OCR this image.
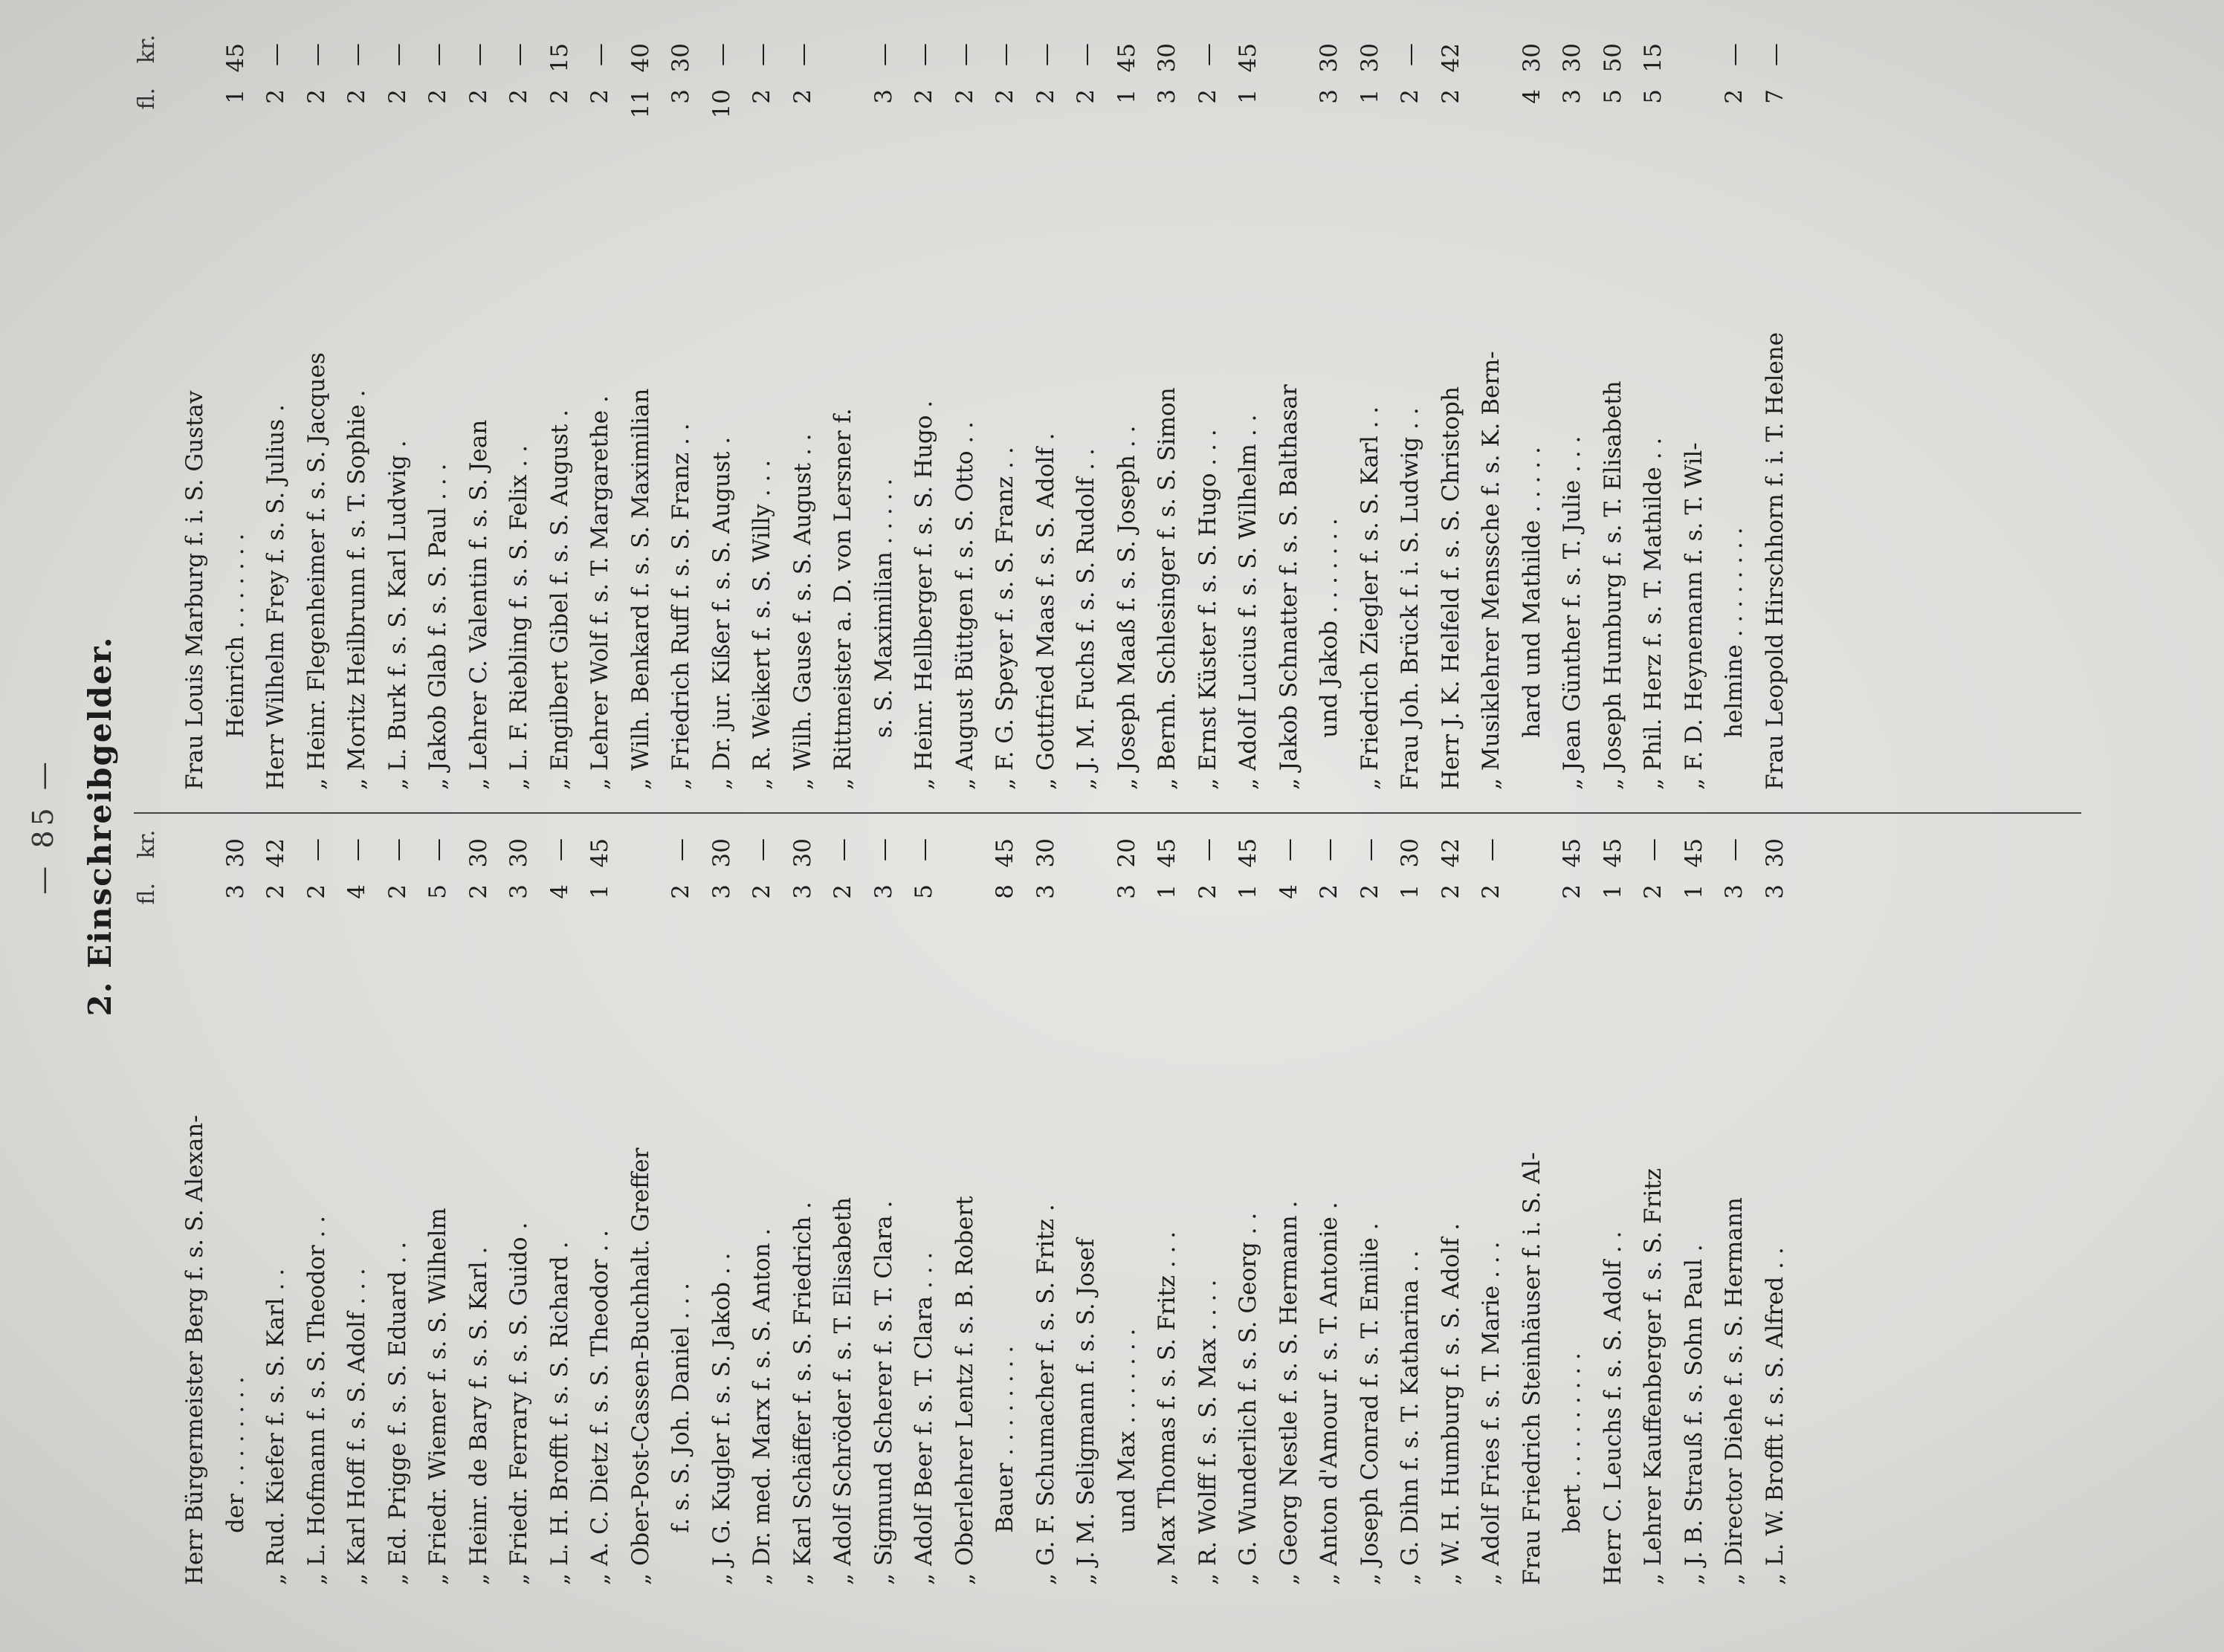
— 85 — 2. Einschreibgelder. fl. kr.
fl. kr.
Herr Bürgermeister Berg f. s. S. Alexan- der . . . . . . . .
3
30
„ Rud. Kiefer f. s. S. Karl . .
2
42
„ L. Hofmann f. s. S. Theodor . .
2
—
„ Karl Hoff f. s. S. Adolf . . .
4
—
„ Ed. Prigge f. s. S. Eduard . .
2
—
„ Friedr. Wiemer f. s. S. Wilhelm
5
—
„ Heinr. de Bary f. s. S. Karl .
2
30
„ Friedr. Ferrary f. s. S. Guido .
3
30
„ L. H. Brofft f. s. S. Richard .
4
—
„ A. C. Dietz f. s. S. Theodor . .
1
45
„ Ober-Post-Cassen-Buchhalt. Greffer f. s. S. Joh. Daniel . . .
2
—
„ J. G. Kugler f. s. S. Jakob . .
3
30
„ Dr. med. Marx f. s. S. Anton .
2
—
„ Karl Schäffer f. s. S. Friedrich .
3
30
„ Adolf Schröder f. s. T. Elisabeth
2
—
„ Sigmund Scherer f. s. T. Clara .
3
—
„ Adolf Beer f. s. T. Clara . . .
5
—
„ Oberlehrer Lentz f. s. B. Robert Bauer . . . . . . . .
8
45
„ G. F. Schumacher f. s. S. Fritz .
3
30
„ J. M. Seligmann f. s. S. Josef und Max . . . . . . .
3
20
„ Max Thomas f. s. S. Fritz . . .
1
45
„ R. Wolff f. s. S. Max . . . .
2
—
„ G. Wunderlich f. s. S. Georg . .
1
45
„ Georg Nestle f. s. S. Hermann .
4
—
„ Anton d'Amour f. s. T. Antonie .
2
—
„ Joseph Conrad f. s. T. Emilie .
2
—
„ G. Dihn f. s. T. Katharina . .
1
30
„ W. H. Humburg f. s. S. Adolf .
2
42
„ Adolf Fries f. s. T. Marie . . .
2
—
Frau Friedrich Steinhäuser f. i. S. Al- bert . . . . . . . . .
2
45
Herr C. Leuchs f. s. S. Adolf . .
1
45
„ Lehrer Kauffenberger f. s. S. Fritz
2
—
„ J. B. Strauß f. s. Sohn Paul .
1
45
„ Director Diehe f. s. S. Hermann
3
—
„ L. W. Brofft f. s. S. Alfred . .
3
30
Frau Louis Marburg f. i. S. Gustav Heinrich . . . . . . .
1
45
Herr Wilhelm Frey f. s. S. Julius .
2
—
„ Heinr. Flegenheimer f. s. S. Jacques
2
—
„ Moritz Heilbrunn f. s. T. Sophie .
2
—
„ L. Burk f. s. S. Karl Ludwig .
2
—
„ Jakob Glab f. s. S. Paul . . .
2
—
„ Lehrer C. Valentin f. s. S. Jean
2
—
„ L. F. Riebling f. s. S. Felix . .
2
—
„ Engilbert Gibel f. s. S. August .
2
15
„ Lehrer Wolf f. s. T. Margarethe .
2
—
„ Wilh. Benkard f. s. S. Maximilian
11
40
„ Friedrich Ruff f. s. S. Franz . .
3
30
„ Dr. jur. Kißer f. s. S. August .
10
—
„ R. Weikert f. s. S. Willy . . .
2
—
„ Wilh. Gause f. s. S. August . .
2
—
„ Rittmeister a. D. von Lersner f. s. S. Maximilian . . . . .
3
—
„ Heinr. Hellberger f. s. S. Hugo .
2
—
„ August Büttgen f. s. S. Otto . .
2
—
„ F. G. Speyer f. s. S. Franz . .
2
—
„ Gottfried Maas f. s. S. Adolf .
2
—
„ J. M. Fuchs f. s. S. Rudolf . .
2
—
„ Joseph Maaß f. s. S. Joseph . .
1
45
„ Bernh. Schlesinger f. s. S. Simon
3
30
„ Ernst Küster f. s. S. Hugo . . .
2
—
„ Adolf Lucius f. s. S. Wilhelm . .
1
45
„ Jakob Schnatter f. s. S. Balthasar und Jakob . . . . . . .
3
30
„ Friedrich Ziegler f. s. S. Karl . .
1
30
Frau Joh. Brück f. i. S. Ludwig . .
2
—
Herr J. K. Helfeld f. s. S. Christoph
2
42
„ Musiklehrer Menssche f. s. K. Bern- hard und Mathilde . . . . .
4
30
„ Jean Günther f. s. T. Julie . . .
3
30
„ Joseph Humburg f. s. T. Elisabeth
5
50
„ Phil. Herz f. s. T. Mathilde . .
5
15
„ F. D. Heynemann f. s. T. Wil- helmine . . . . . . . .
2
—
Frau Leopold Hirschhorn f. i. T. Helene
7
—
